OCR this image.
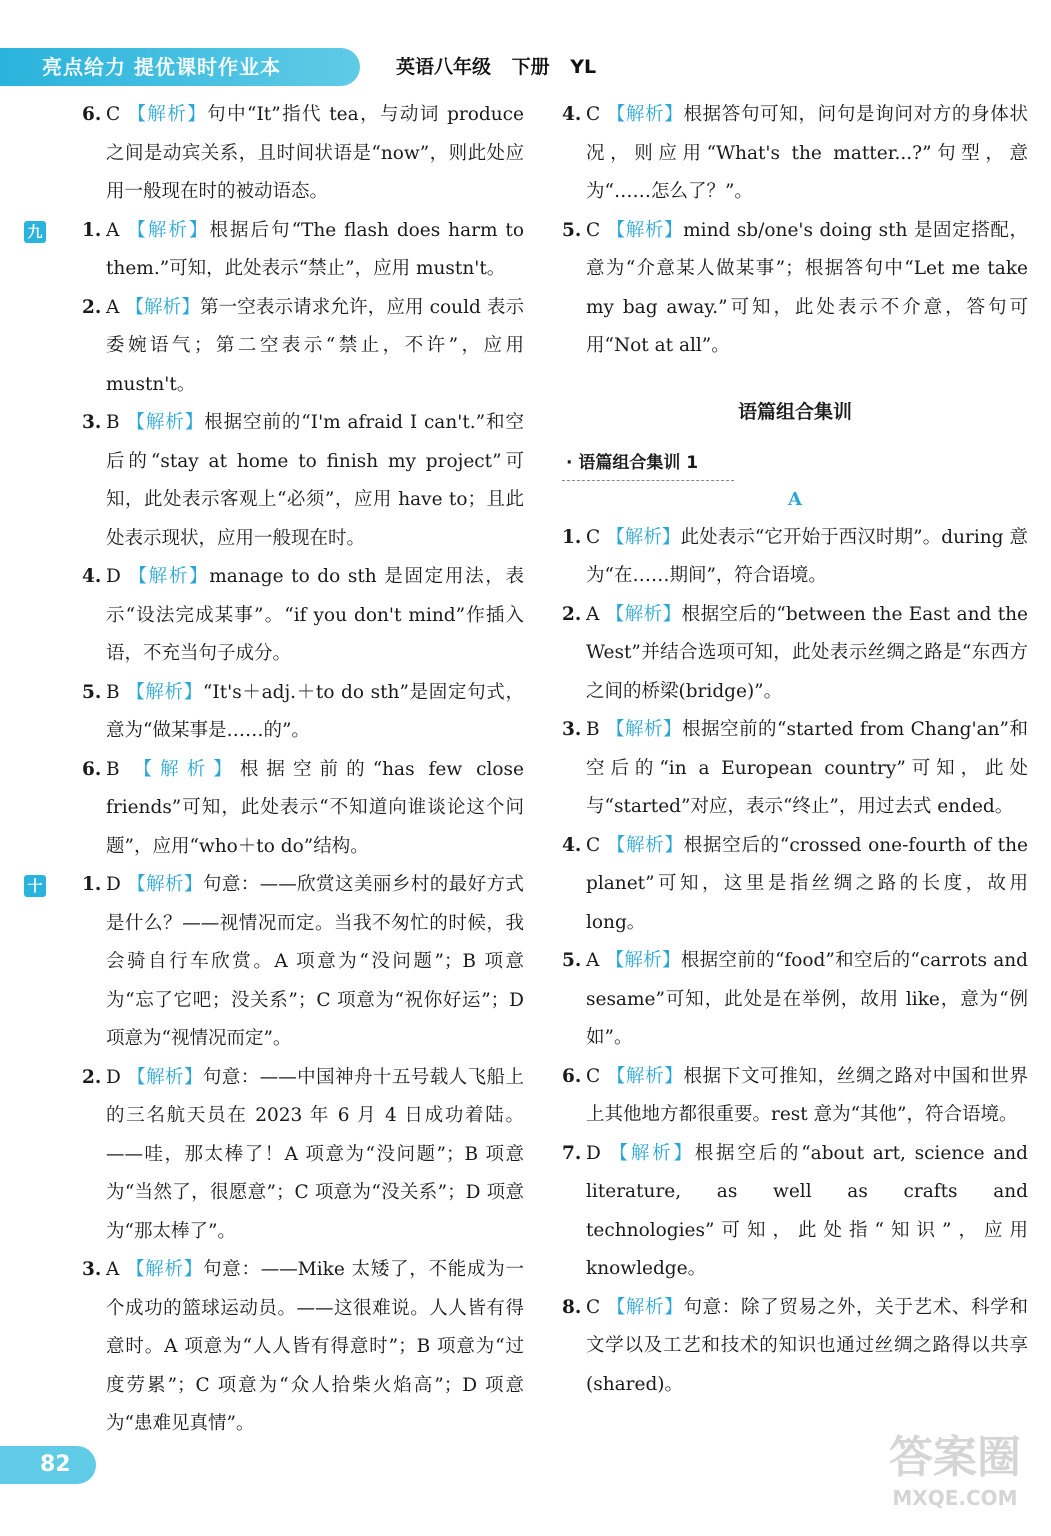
亮点给力 提优课时作业本	英语八年级 下册 YL

6. C 【解析】句中“It”指代 tea，与动词 produce 之间是动宾关系，且时间状语是“now”，则此处应用一般现在时的被动语态。

九 1. A 【解析】根据后句“The flash does harm to them.”可知，此处表示“禁止”，应用 mustn't。

2. A 【解析】第一空表示请求允许，应用 could 表示委婉语气；第二空表示“禁止，不许”，应用 mustn't。

3. B 【解析】根据空前的“I'm afraid I can't.”和空后的“stay at home to finish my project”可知，此处表示客观上“必须”，应用 have to；且此处表示现状，应用一般现在时。

4. D 【解析】manage to do sth 是固定用法，表示“设法完成某事”。“if you don't mind”作插入语，不充当句子成分。

5. B 【解析】“It's＋adj.＋to do sth”是固定句式，意为“做某事是……的”。

6. B 【解析】根据空前的“has few close friends”可知，此处表示“不知道向谁谈论这个问题”，应用“who＋to do”结构。

十 1. D 【解析】句意：——欣赏这美丽乡村的最好方式是什么？——视情况而定。当我不匆忙的时候，我会骑自行车欣赏。A 项意为“没问题”；B 项意为“忘了它吧；没关系”；C 项意为“祝你好运”；D 项意为“视情况而定”。

2. D 【解析】句意：——中国神舟十五号载人飞船上的三名航天员在 2023 年 6 月 4 日成功着陆。——哇，那太棒了！A 项意为“没问题”；B 项意为“当然了，很愿意”；C 项意为“没关系”；D 项意为“那太棒了”。

3. A 【解析】句意：——Mike 太矮了，不能成为一个成功的篮球运动员。——这很难说。人人皆有得意时。A 项意为“人人皆有得意时”；B 项意为“过度劳累”；C 项意为“众人拾柴火焰高”；D 项意为“患难见真情”。

4. C 【解析】根据答句可知，问句是询问对方的身体状况，则应用“What's the matter...?”句型，意为“……怎么了？”。

5. C 【解析】mind sb/one's doing sth 是固定搭配，意为“介意某人做某事”；根据答句中“Let me take my bag away.”可知，此处表示不介意，答句可用“Not at all”。

语篇组合集训
· 语篇组合集训 1
A

1. C 【解析】此处表示“它开始于西汉时期”。during 意为“在……期间”，符合语境。

2. A 【解析】根据空后的“between the East and the West”并结合选项可知，此处表示丝绸之路是“东西方之间的桥梁(bridge)”。

3. B 【解析】根据空前的“started from Chang'an”和空后的“in a European country”可知，此处与“started”对应，表示“终止”，用过去式 ended。

4. C 【解析】根据空后的“crossed one-fourth of the planet”可知，这里是指丝绸之路的长度，故用 long。

5. A 【解析】根据空前的“food”和空后的“carrots and sesame”可知，此处是在举例，故用 like，意为“例如”。

6. C 【解析】根据下文可推知，丝绸之路对中国和世界上其他地方都很重要。rest 意为“其他”，符合语境。

7. D 【解析】根据空后的“about art, science and literature, as well as crafts and technologies”可知，此处指“知识”，应用 knowledge。

8. C 【解析】句意：除了贸易之外，关于艺术、科学和文学以及工艺和技术的知识也通过丝绸之路得以共享(shared)。

82	答案圈
MXQE.COM
